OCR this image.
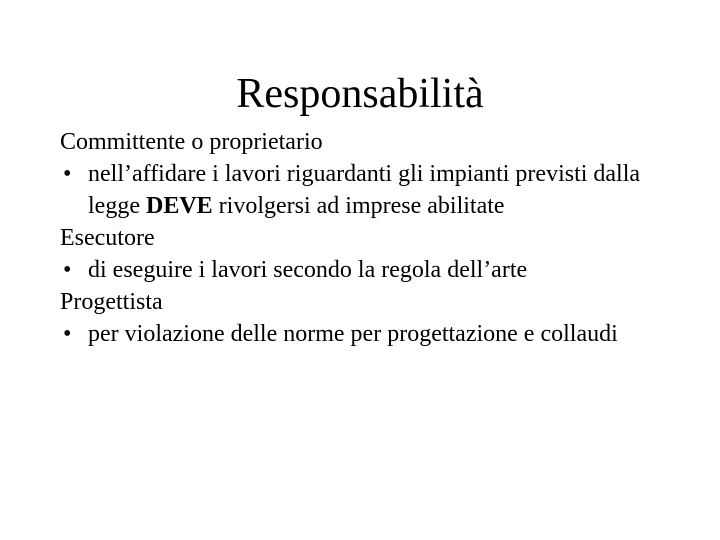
Responsabilità

Committente o proprietario

• nell’affidare i lavori riguardanti gli impianti previsti dalla legge DEVE rivolgersi ad imprese abilitate

Esecutore

• di eseguire i lavori secondo la regola dell’arte

Progettista

• per violazione delle norme per progettazione e collaudi
